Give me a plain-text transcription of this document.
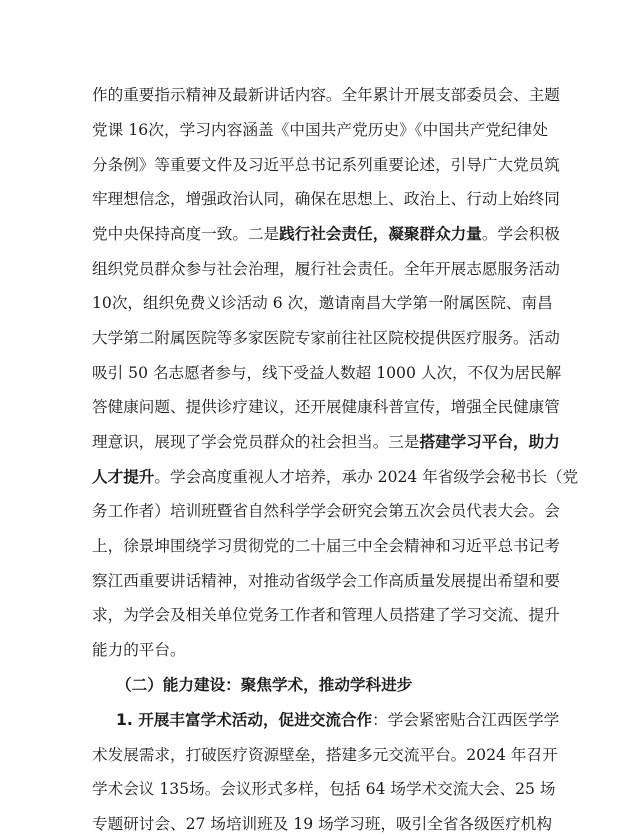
作的重要指示精神及最新讲话内容。全年累计开展支部委员会、主题
党课 16次，学习内容涵盖《中国共产党历史》《中国共产党纪律处
分条例》等重要文件及习近平总书记系列重要论述，引导广大党员筑
牢理想信念，增强政治认同，确保在思想上、政治上、行动上始终同
党中央保持高度一致。二是践行社会责任，凝聚群众力量。学会积极
组织党员群众参与社会治理，履行社会责任。全年开展志愿服务活动
10次，组织免费义诊活动 6 次，邀请南昌大学第一附属医院、南昌
大学第二附属医院等多家医院专家前往社区院校提供医疗服务。活动
吸引 50 名志愿者参与，线下受益人数超 1000 人次，不仅为居民解
答健康问题、提供诊疗建议，还开展健康科普宣传，增强全民健康管
理意识，展现了学会党员群众的社会担当。三是搭建学习平台，助力
人才提升。学会高度重视人才培养，承办 2024 年省级学会秘书长（党
务工作者）培训班暨省自然科学学会研究会第五次会员代表大会。会
上，徐景坤围绕学习贯彻党的二十届三中全会精神和习近平总书记考
察江西重要讲话精神，对推动省级学会工作高质量发展提出希望和要
求，为学会及相关单位党务工作者和管理人员搭建了学习交流、提升
能力的平台。
（二）能力建设：聚焦学术，推动学科进步
1. 开展丰富学术活动，促进交流合作：学会紧密贴合江西医学学
术发展需求，打破医疗资源壁垒，搭建多元交流平台。2024 年召开
学术会议 135场。会议形式多样，包括 64 场学术交流大会、25 场
专题研讨会、27 场培训班及 19 场学习班，吸引全省各级医疗机构
